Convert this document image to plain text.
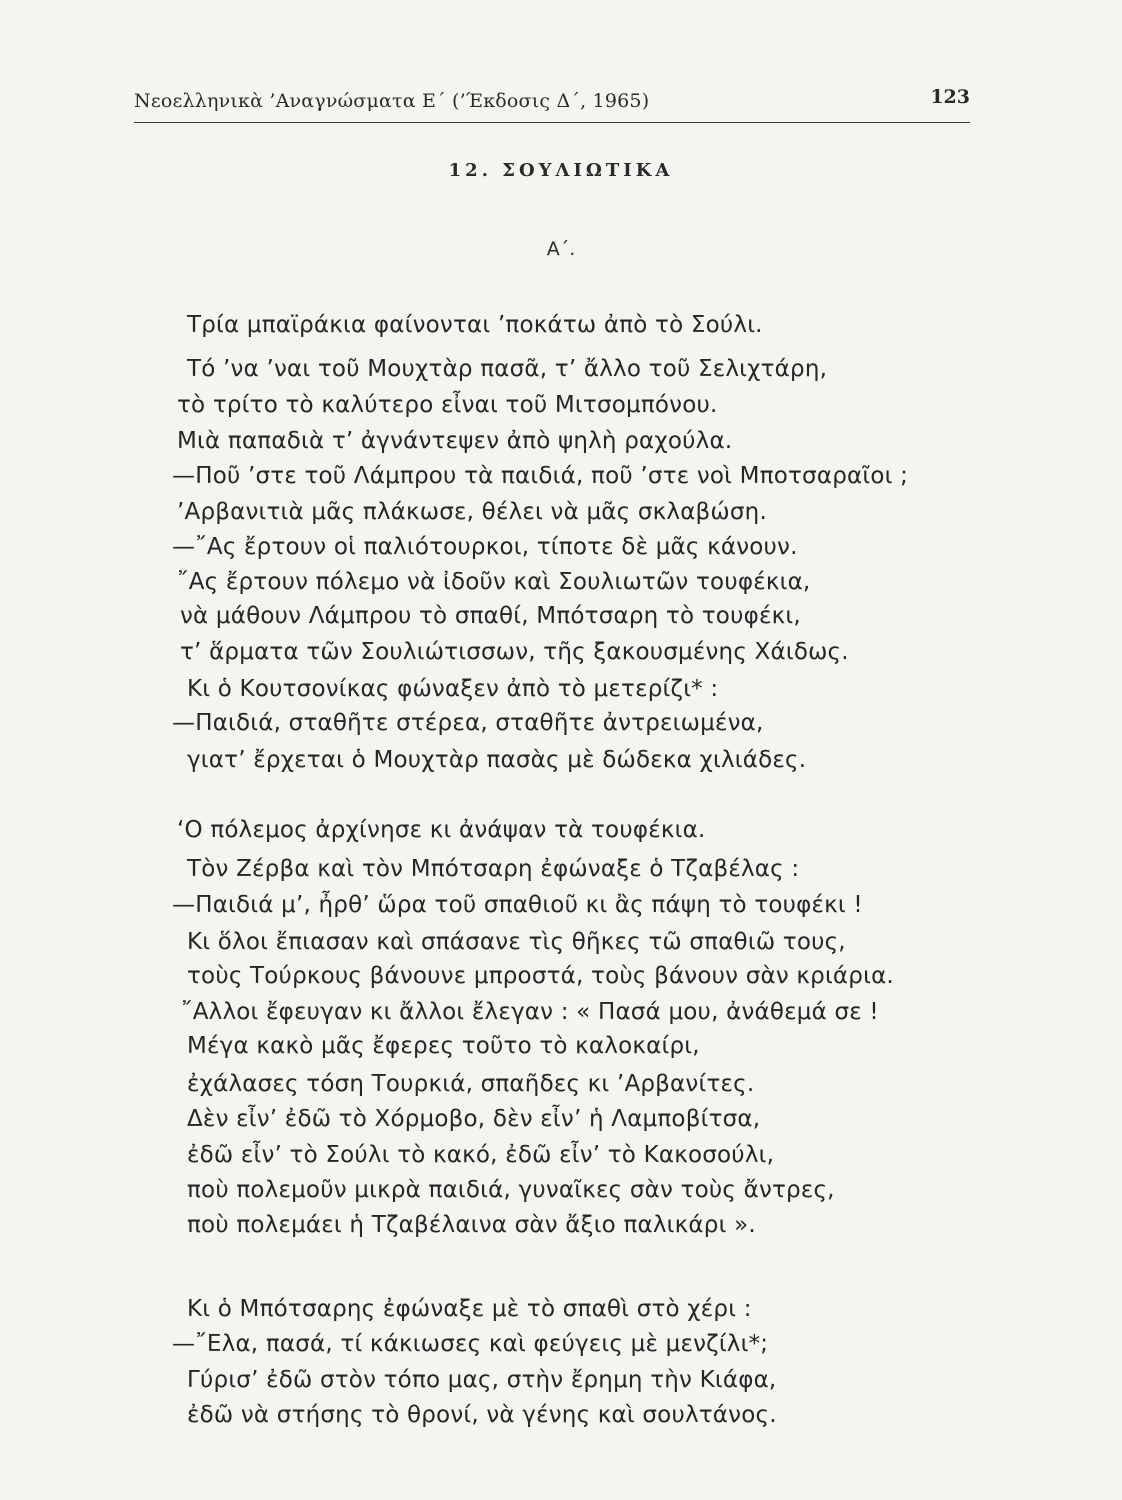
Νεοελληνικὰ ’Αναγνώσματα Ε΄ (’Έκδοσις Δ΄, 1965)	123
12. ΣΟΥΛΙΩΤΙΚΑ
Α΄.
Τρία μπαϊράκια φαίνονται ’ποκάτω ἀπὸ τὸ Σούλι.
Τό ’να ’ναι τοῦ Μουχτὰρ πασᾶ, τ’ ἄλλο τοῦ Σελιχτάρη,
τὸ τρίτο τὸ καλύτερο εἶναι τοῦ Μιτσομπόνου.
Μιὰ παπαδιὰ τ’ ἀγνάντεψεν ἀπὸ ψηλὴ ραχούλα.
—Ποῦ ’στε τοῦ Λάμπρου τὰ παιδιά, ποῦ ’στε νοὶ Μπoτσαραῖοι ;
’Αρβανιτιὰ μᾶς πλάκωσε, θέλει νὰ μᾶς σκλαβώση.
—῎Ας ἔρτουν οἱ παλιότουρκοι, τίποτε δὲ μᾶς κάνουν.
῎Ας ἔρτουν πόλεμο νὰ ἰδοῦν καὶ Σουλιωτῶν τουφέκια,
νὰ μάθουν Λάμπρου τὸ σπαθί, Μπότσαρη τὸ τουφέκι,
τ’ ἅρματα τῶν Σουλιώτισσων, τῆς ξακουσμένης Χάιδως.
Κι ὁ Κουτσονίκας φώναξεν ἀπὸ τὸ μετερίζι* :
—Παιδιά, σταθῆτε στέρεα, σταθῆτε ἀντρειωμένα,
γιατ’ ἔρχεται ὁ Μουχτὰρ πασὰς μὲ δώδεκα χιλιάδες.
‘Ο πόλεμος ἀρχίνησε κι ἀνάψαν τὰ τουφέκια.
Τὸν Ζέρβα καὶ τὸν Μπότσαρη ἐφώναξε ὁ Τζαβέλας :
—Παιδιά μ’, ἦρθ’ ὥρα τοῦ σπαθιοῦ κι ἂς πάψη τὸ τουφέκι !
Κι ὅλοι ἔπιασαν καὶ σπάσανε τὶς θῆκες τῶ σπαθιῶ τους,
τοὺς Τούρκους βάνουνε μπροστά, τοὺς βάνουν σὰν κριάρια.
῎Αλλοι ἔφευγαν κι ἄλλοι ἔλεγαν : « Πασά μου, ἀνάθεμά σε !
Μέγα κακὸ μᾶς ἔφερες τοῦτο τὸ καλοκαίρι,
ἐχάλασες τόση Τουρκιά, σπαῆδες κι ’Αρβανίτες.
Δὲν εἶν’ ἐδῶ τὸ Χόρμοβο, δὲν εἶν’ ἡ Λαμποβίτσα,
ἐδῶ εἶν’ τὸ Σούλι τὸ κακό, ἐδῶ εἶν’ τὸ Κακοσούλι,
ποὺ πολεμοῦν μικρὰ παιδιά, γυναῖκες σὰν τοὺς ἄντρες,
ποὺ πολεμάει ἡ Τζαβέλαινα σὰν ἄξιο παλικάρι ».
Κι ὁ Μπότσαρης ἐφώναξε μὲ τὸ σπαθὶ στὸ χέρι :
—῎Ελα, πασά, τί κάκιωσες καὶ φεύγεις μὲ μενζίλι*;
Γύρισ’ ἐδῶ στὸν τόπο μας, στὴν ἔρημη τὴν Κιάφα,
ἐδῶ νὰ στήσης τὸ θρονί, νὰ γένης καὶ σουλτάνος.
